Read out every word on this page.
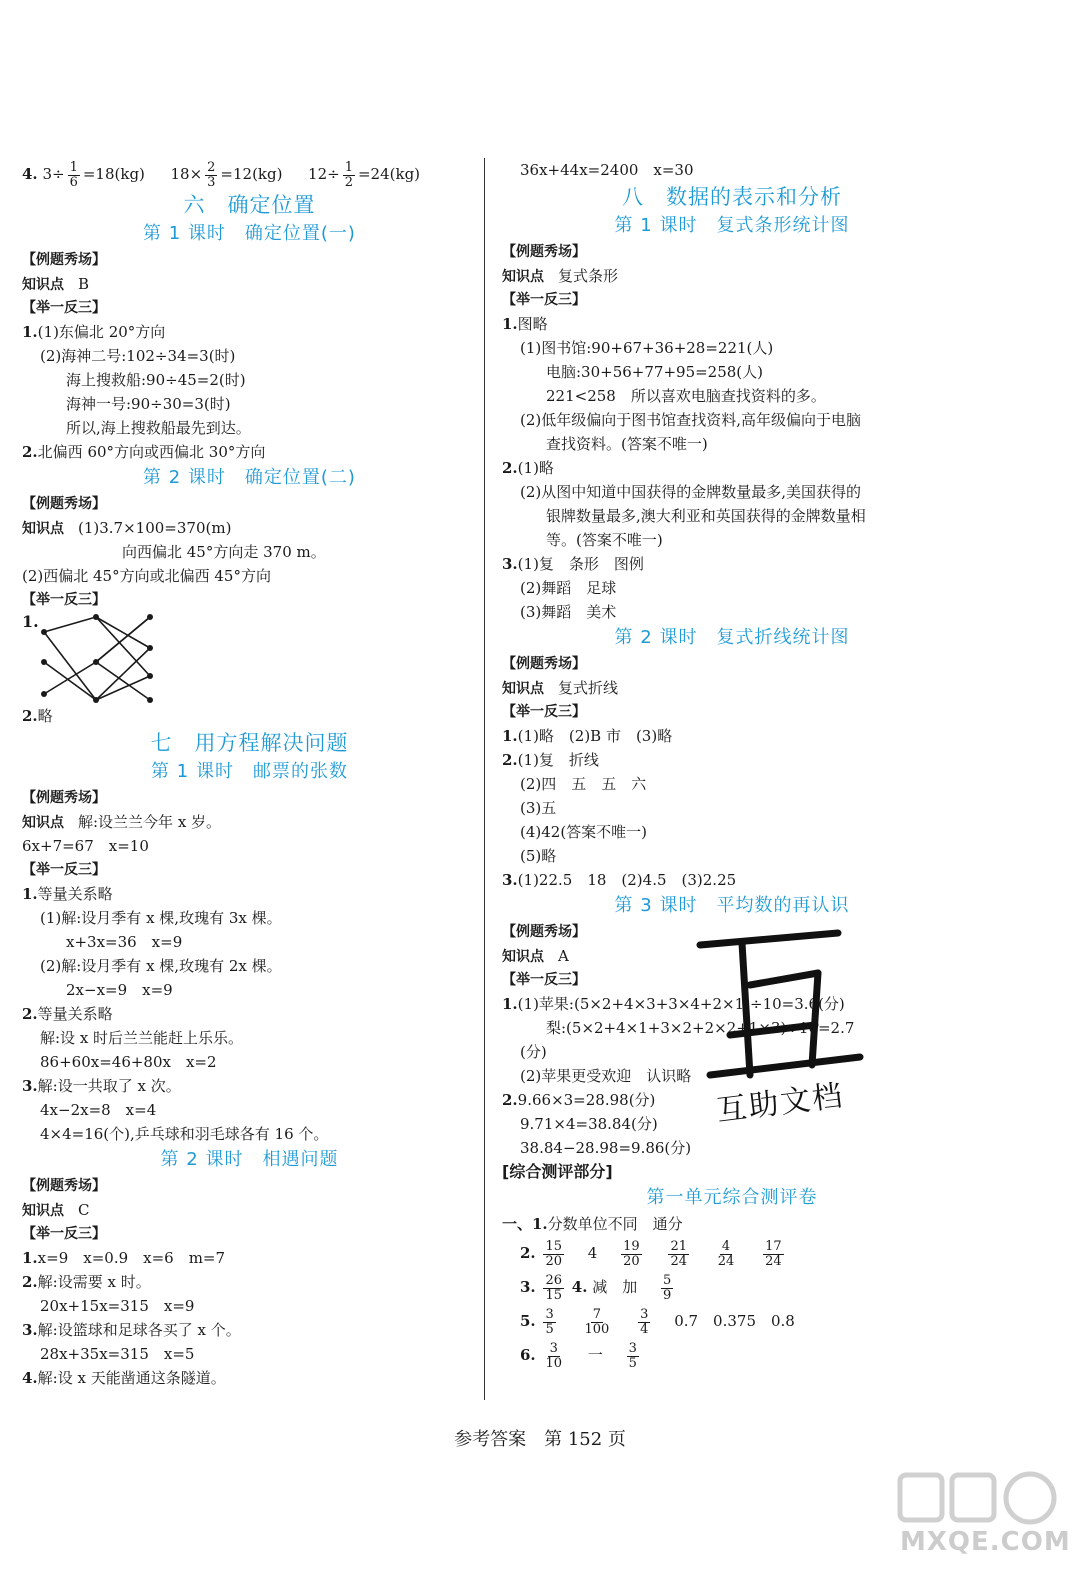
4. $3\div \frac{1}{6} =18(kg)$ $18\times \frac{2}{3} =12(kg)$ $12\div \frac{1}{2} =24(kg)$
六　确定位置
第 1 课时　确定位置(一)
【例题秀场】
知识点 B
【举一反三】
1.(1)东偏北 20°方向
(2)海神二号:102÷34=3(时)
海上搜救船:90÷45=2(时)
海神一号:90÷30=3(时)
所以,海上搜救船最先到达。
2.北偏西 60°方向或西偏北 30°方向
第 2 课时　确定位置(二)
【例题秀场】
知识点 (1)3.7×100=370(m)
向西偏北 45°方向走 370 m。
(2)西偏北 45°方向或北偏西 45°方向
【举一反三】
1.
2.略
七　用方程解决问题
第 1 课时　邮票的张数
【例题秀场】
知识点 解:设兰兰今年 x 岁。
6x+7=67　x=10
【举一反三】
1.等量关系略
(1)解:设月季有 x 棵,玫瑰有 3x 棵。
x+3x=36　x=9
(2)解:设月季有 x 棵,玫瑰有 2x 棵。
2x−x=9　x=9
2.等量关系略
解:设 x 时后兰兰能赶上乐乐。
86+60x=46+80x　x=2
3.解:设一共取了 x 次。
4x−2x=8　x=4
4×4=16(个),乒乓球和羽毛球各有 16 个。
第 2 课时　相遇问题
【例题秀场】
知识点 C
【举一反三】
1.x=9　x=0.9　x=6　m=7
2.解:设需要 x 时。
20x+15x=315　x=9
3.解:设篮球和足球各买了 x 个。
28x+35x=315　x=5
4.解:设 x 天能凿通这条隧道。
36x+44x=2400　x=30
八　数据的表示和分析
第 1 课时　复式条形统计图
【例题秀场】
知识点 复式条形
【举一反三】
1.图略
(1)图书馆:90+67+36+28=221(人)
电脑:30+56+77+95=258(人)
221<258　所以喜欢电脑查找资料的多。
(2)低年级偏向于图书馆查找资料,高年级偏向于电脑
查找资料。(答案不唯一)
2.(1)略
(2)从图中知道中国获得的金牌数量最多,美国获得的
银牌数量最多,澳大利亚和英国获得的金牌数量相
等。(答案不唯一)
3.(1)复　条形　图例
(2)舞蹈　足球
(3)舞蹈　美术
第 2 课时　复式折线统计图
【例题秀场】
知识点 复式折线
【举一反三】
1.(1)略　(2)B 市　(3)略
2.(1)复　折线
(2)四　五　五　六
(3)五
(4)42(答案不唯一)
(5)略
3.(1)22.5　18　(2)4.5　(3)2.25
第 3 课时　平均数的再认识
【例题秀场】
知识点 A
【举一反三】
1.(1)苹果:(5×2+4×3+3×4+2×1)÷10=3.6(分)
梨:(5×2+4×1+3×2+2×2+1×3)÷10=2.7
(分)
(2)苹果更受欢迎　认识略
2.9.66×3=28.98(分)
9.71×4=38.84(分)
38.84−28.98=9.86(分)
[综合测评部分]
第一单元综合测评卷
一、1.分数单位不同　通分
2. $\frac{15}{20} 4 \frac{19}{20}$
$\frac{21}{24}$
$\frac{4}{24}$
$\frac{17}{24}$
3. $\frac{26}{15} 4$. 减　加 $\frac{5}{9}$
5. $\frac{3}{5}$
$\frac{7}{100}$
$\frac{3}{4} 0.7$　0.375　0.8
6. $\frac{3}{10}$ 一 $\frac{3}{5}$
互助文档
参考答案　第 152 页
MXQE.COM
